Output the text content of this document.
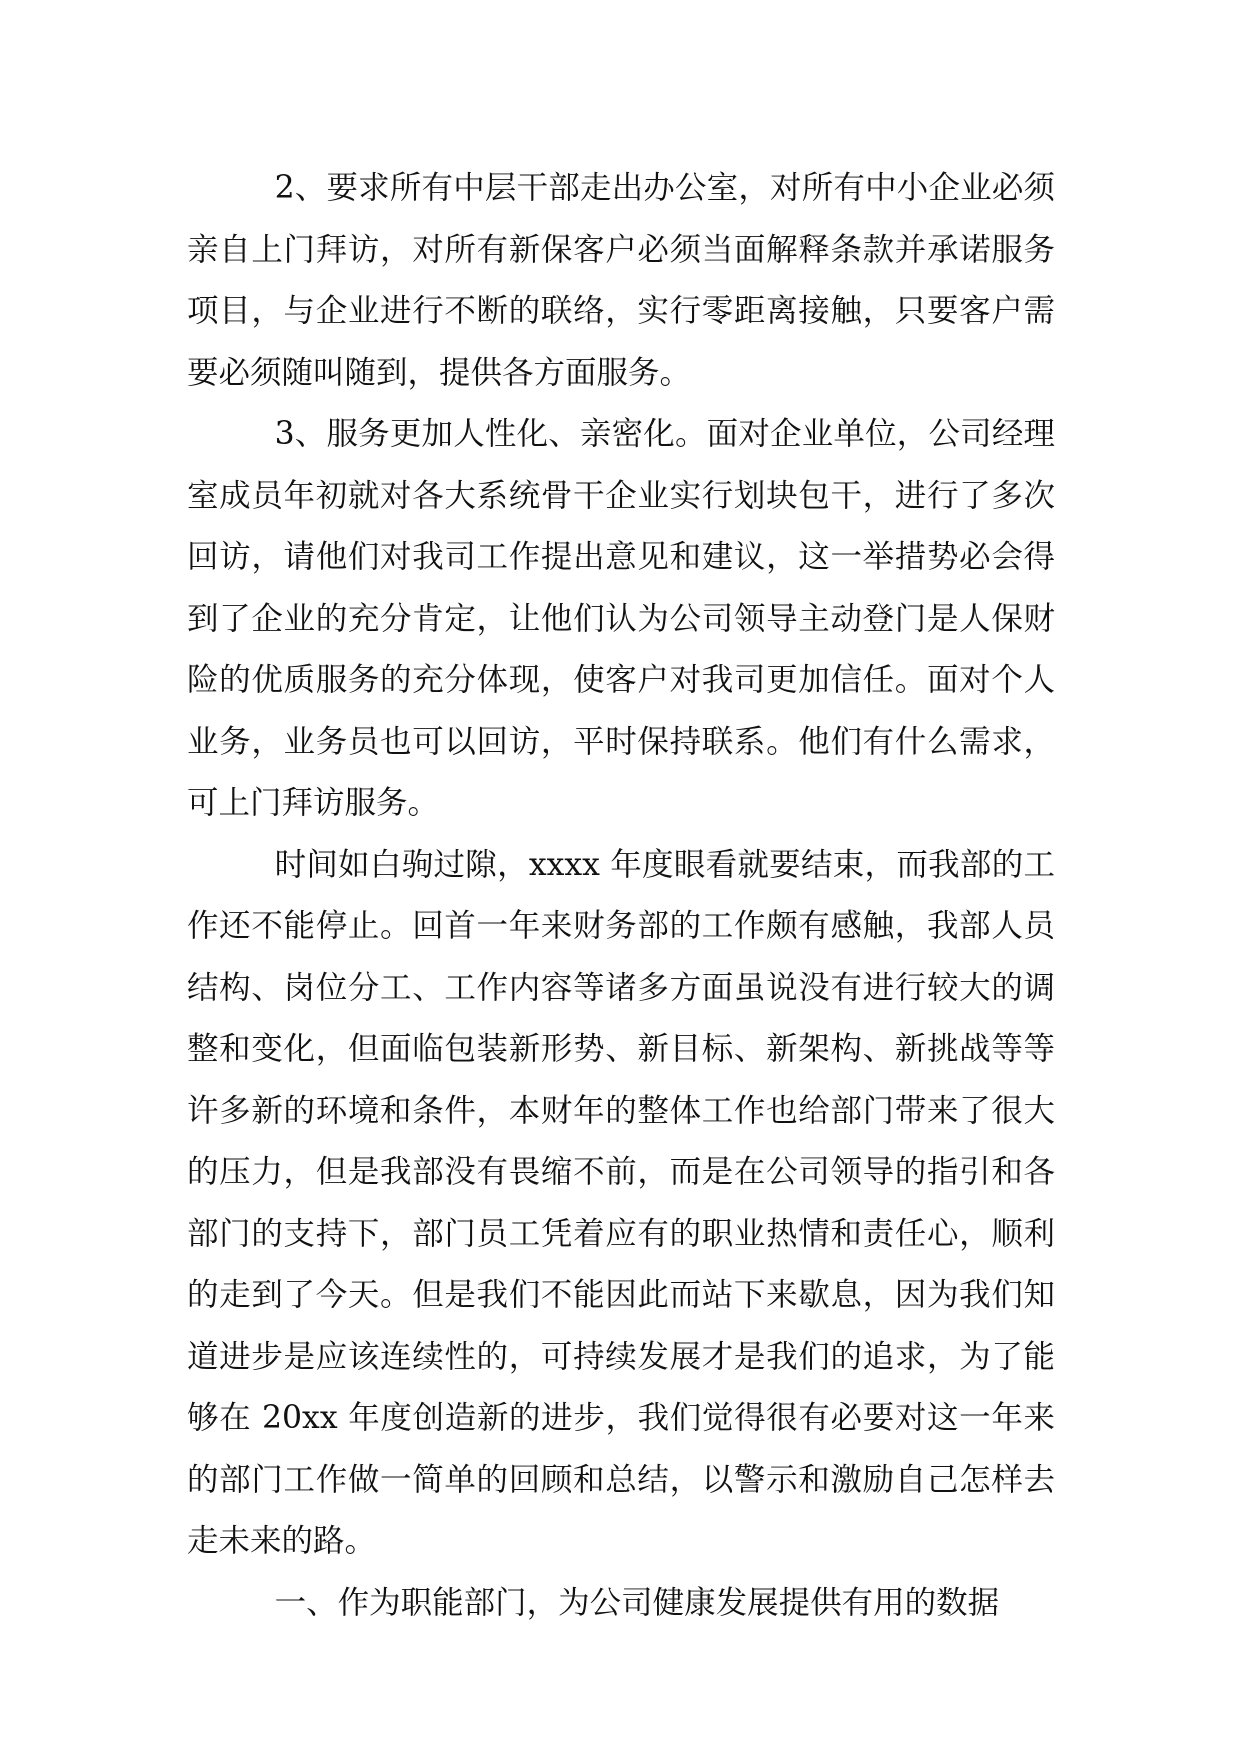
2、要求所有中层干部走出办公室，对所有中小企业必须亲自上门拜访，对所有新保客户必须当面解释条款并承诺服务项目，与企业进行不断的联络，实行零距离接触，只要客户需要必须随叫随到，提供各方面服务。

3、服务更加人性化、亲密化。面对企业单位，公司经理室成员年初就对各大系统骨干企业实行划块包干，进行了多次回访，请他们对我司工作提出意见和建议，这一举措势必会得到了企业的充分肯定，让他们认为公司领导主动登门是人保财险的优质服务的充分体现，使客户对我司更加信任。面对个人业务，业务员也可以回访，平时保持联系。他们有什么需求，可上门拜访服务。

时间如白驹过隙，xxxx 年度眼看就要结束，而我部的工作还不能停止。回首一年来财务部的工作颇有感触，我部人员结构、岗位分工、工作内容等诸多方面虽说没有进行较大的调整和变化，但面临包装新形势、新目标、新架构、新挑战等等许多新的环境和条件，本财年的整体工作也给部门带来了很大的压力，但是我部没有畏缩不前，而是在公司领导的指引和各部门的支持下，部门员工凭着应有的职业热情和责任心，顺利的走到了今天。但是我们不能因此而站下来歇息，因为我们知道进步是应该连续性的，可持续发展才是我们的追求，为了能够在 20xx 年度创造新的进步，我们觉得很有必要对这一年来的部门工作做一简单的回顾和总结，以警示和激励自己怎样去走未来的路。

一、作为职能部门，为公司健康发展提供有用的数据
